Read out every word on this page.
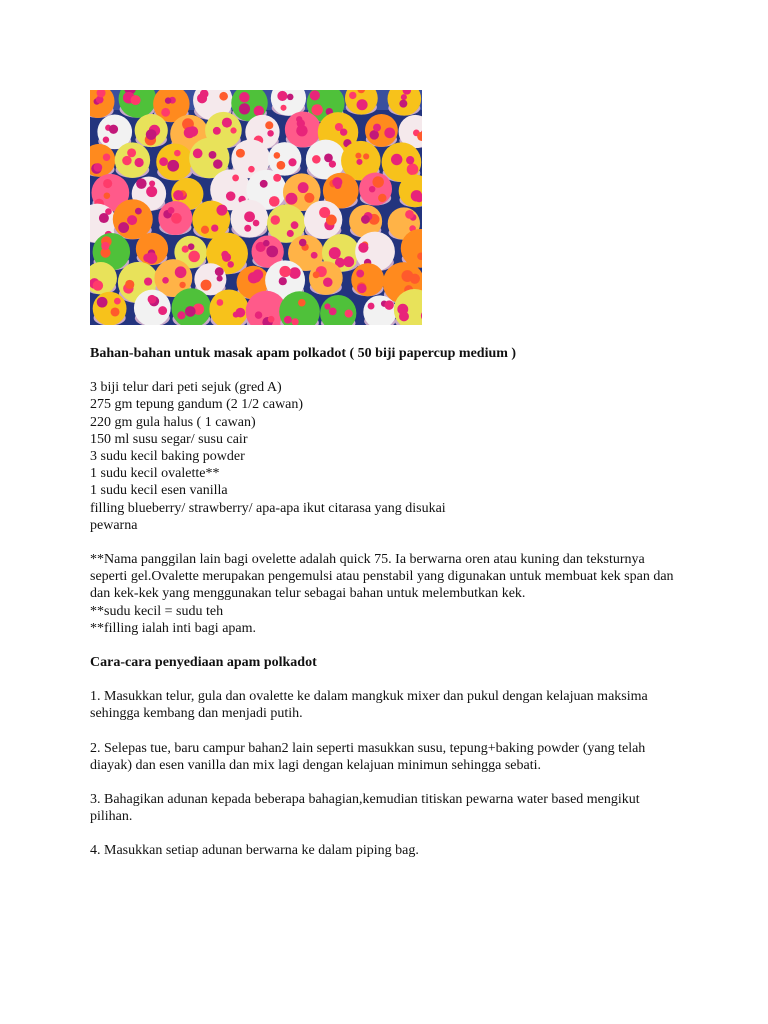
Bahan-bahan untuk masak apam polkadot ( 50 biji papercup medium )
3 biji telur dari peti sejuk (gred A)
275 gm tepung gandum (2 1/2 cawan)
220 gm gula halus ( 1 cawan)
150 ml susu segar/ susu cair
3 sudu kecil baking powder
1 sudu kecil ovalette**
1 sudu kecil esen vanilla
filling blueberry/ strawberry/ apa-apa ikut citarasa yang disukai
pewarna

**Nama panggilan lain bagi ovelette adalah quick 75. Ia berwarna oren atau kuning dan teksturnya seperti gel.Ovalette merupakan pengemulsi atau penstabil yang digunakan untuk membuat kek span dan dan kek-kek yang menggunakan telur sebagai bahan untuk melembutkan kek.

**sudu kecil = sudu teh

**filling ialah inti bagi apam.

Cara-cara penyediaan apam polkadot

1. Masukkan telur, gula dan ovalette ke dalam mangkuk mixer dan pukul dengan kelajuan maksima sehingga kembang dan menjadi putih.

2. Selepas tue, baru campur bahan2 lain seperti masukkan susu, tepung+baking powder (yang telah diayak) dan esen vanilla dan mix lagi dengan kelajuan minimun sehingga sebati.

3. Bahagikan adunan kepada beberapa bahagian,kemudian titiskan pewarna water based mengikut pilihan.

4. Masukkan setiap adunan berwarna ke dalam piping bag.
